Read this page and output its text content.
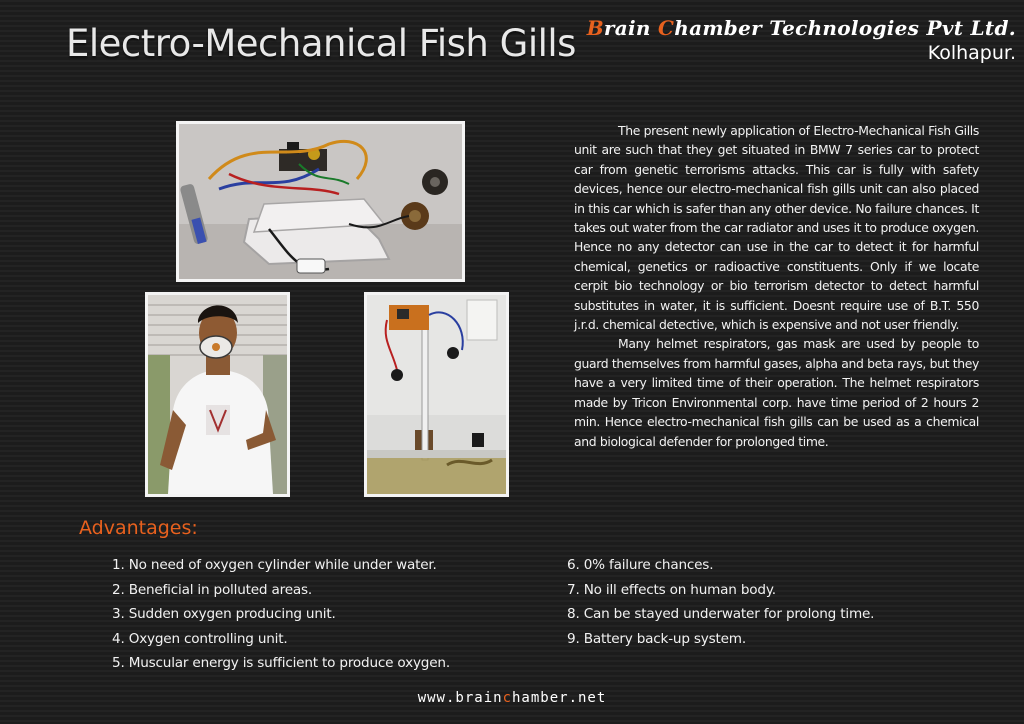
Electro-Mechanical Fish Gills Brain Chamber Technologies Pvt Ltd.
Kolhapur.

The present newly application of Electro-Mechanical Fish Gills unit are such that they get situated in BMW 7 series car to protect car from genetic terrorisms attacks. This car is fully with safety devices, hence our electro-mechanical fish gills unit can also placed in this car which is safer than any other device. No failure chances. It takes out water from the car radiator and uses it to produce oxygen. Hence no any detector can use in the car to detect it for harmful chemical, genetics or radioactive constituents. Only if we locate cerpit bio technology or bio terrorism detector to detect harmful substitutes in water, it is sufficient. Doesnt require use of B.T. 550 j.r.d. chemical detective, which is expensive and not user friendly.

Many helmet respirators, gas mask are used by people to guard themselves from harmful gases, alpha and beta rays, but they have a very limited time of their operation. The helmet respirators made by Tricon Environmental corp. have time period of 2 hours 2 min. Hence electro-mechanical fish gills can be used as a chemical and biological defender for prolonged time.

Advantages:
1. No need of oxygen cylinder while under water.
2. Beneficial in polluted areas.
3. Sudden oxygen producing unit.
4. Oxygen controlling unit.
5. Muscular energy is sufficient to produce oxygen.
6. 0% failure chances.
7. No ill effects on human body.
8. Can be stayed underwater for prolong time.
9. Battery back-up system.
www.brainchamber.net
